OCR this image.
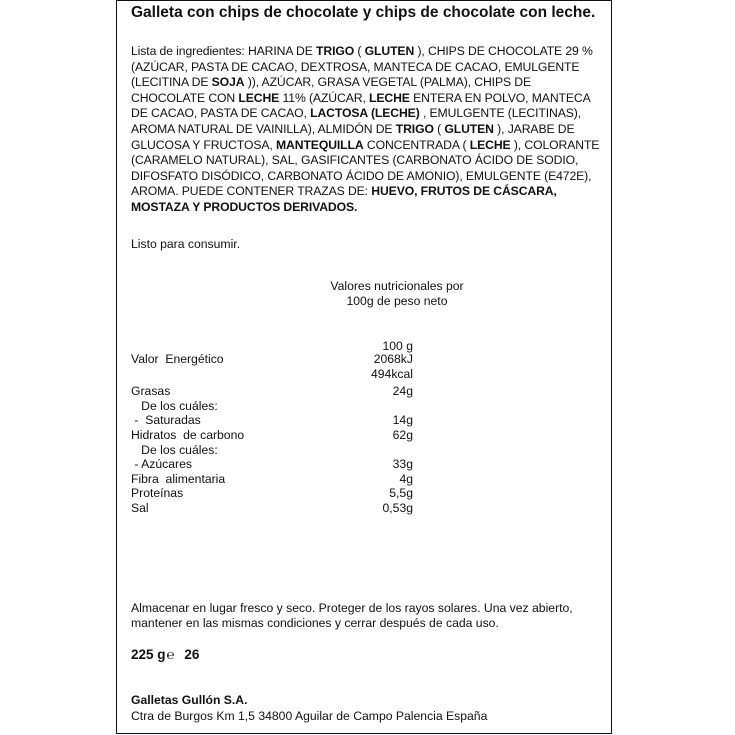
Galleta con chips de chocolate y chips de chocolate con leche.
Lista de ingredientes: HARINA DE TRIGO ( GLUTEN ), CHIPS DE CHOCOLATE 29 % (AZÚCAR, PASTA DE CACAO, DEXTROSA, MANTECA DE CACAO, EMULGENTE (LECITINA DE SOJA )), AZÚCAR, GRASA VEGETAL (PALMA), CHIPS DE CHOCOLATE CON LECHE 11% (AZÚCAR, LECHE ENTERA EN POLVO, MANTECA DE CACAO, PASTA DE CACAO, LACTOSA (LECHE) , EMULGENTE (LECITINAS), AROMA NATURAL DE VAINILLA), ALMIDÓN DE TRIGO ( GLUTEN ), JARABE DE GLUCOSA Y FRUCTOSA, MANTEQUILLA CONCENTRADA ( LECHE ), COLORANTE (CARAMELO NATURAL), SAL, GASIFICANTES (CARBONATO ÁCIDO DE SODIO, DIFOSFATO DISÓDICO, CARBONATO ÁCIDO DE AMONIO), EMULGENTE (E472E), AROMA. PUEDE CONTENER TRAZAS DE: HUEVO, FRUTOS DE CÁSCARA, MOSTAZA Y PRODUCTOS DERIVADOS.
Listo para consumir.
Valores nutricionales por
100g de peso neto
100 g
Valor  Energético	2068kJ
494kcal
Grasas	24g
De los cuáles:
-  Saturadas	14g
Hidratos  de carbono	62g
De los cuáles:
- Azúcares	33g
Fibra  alimentaria	4g
Proteínas	5,5g
Sal	0,53g
Almacenar en lugar fresco y seco. Proteger de los rayos solares. Una vez abierto,
mantener en las mismas condiciones y cerrar después de cada uso.
225 g℮ 26
Galletas Gullón S.A.
Ctra de Burgos Km 1,5 34800 Aguilar de Campo Palencia España
